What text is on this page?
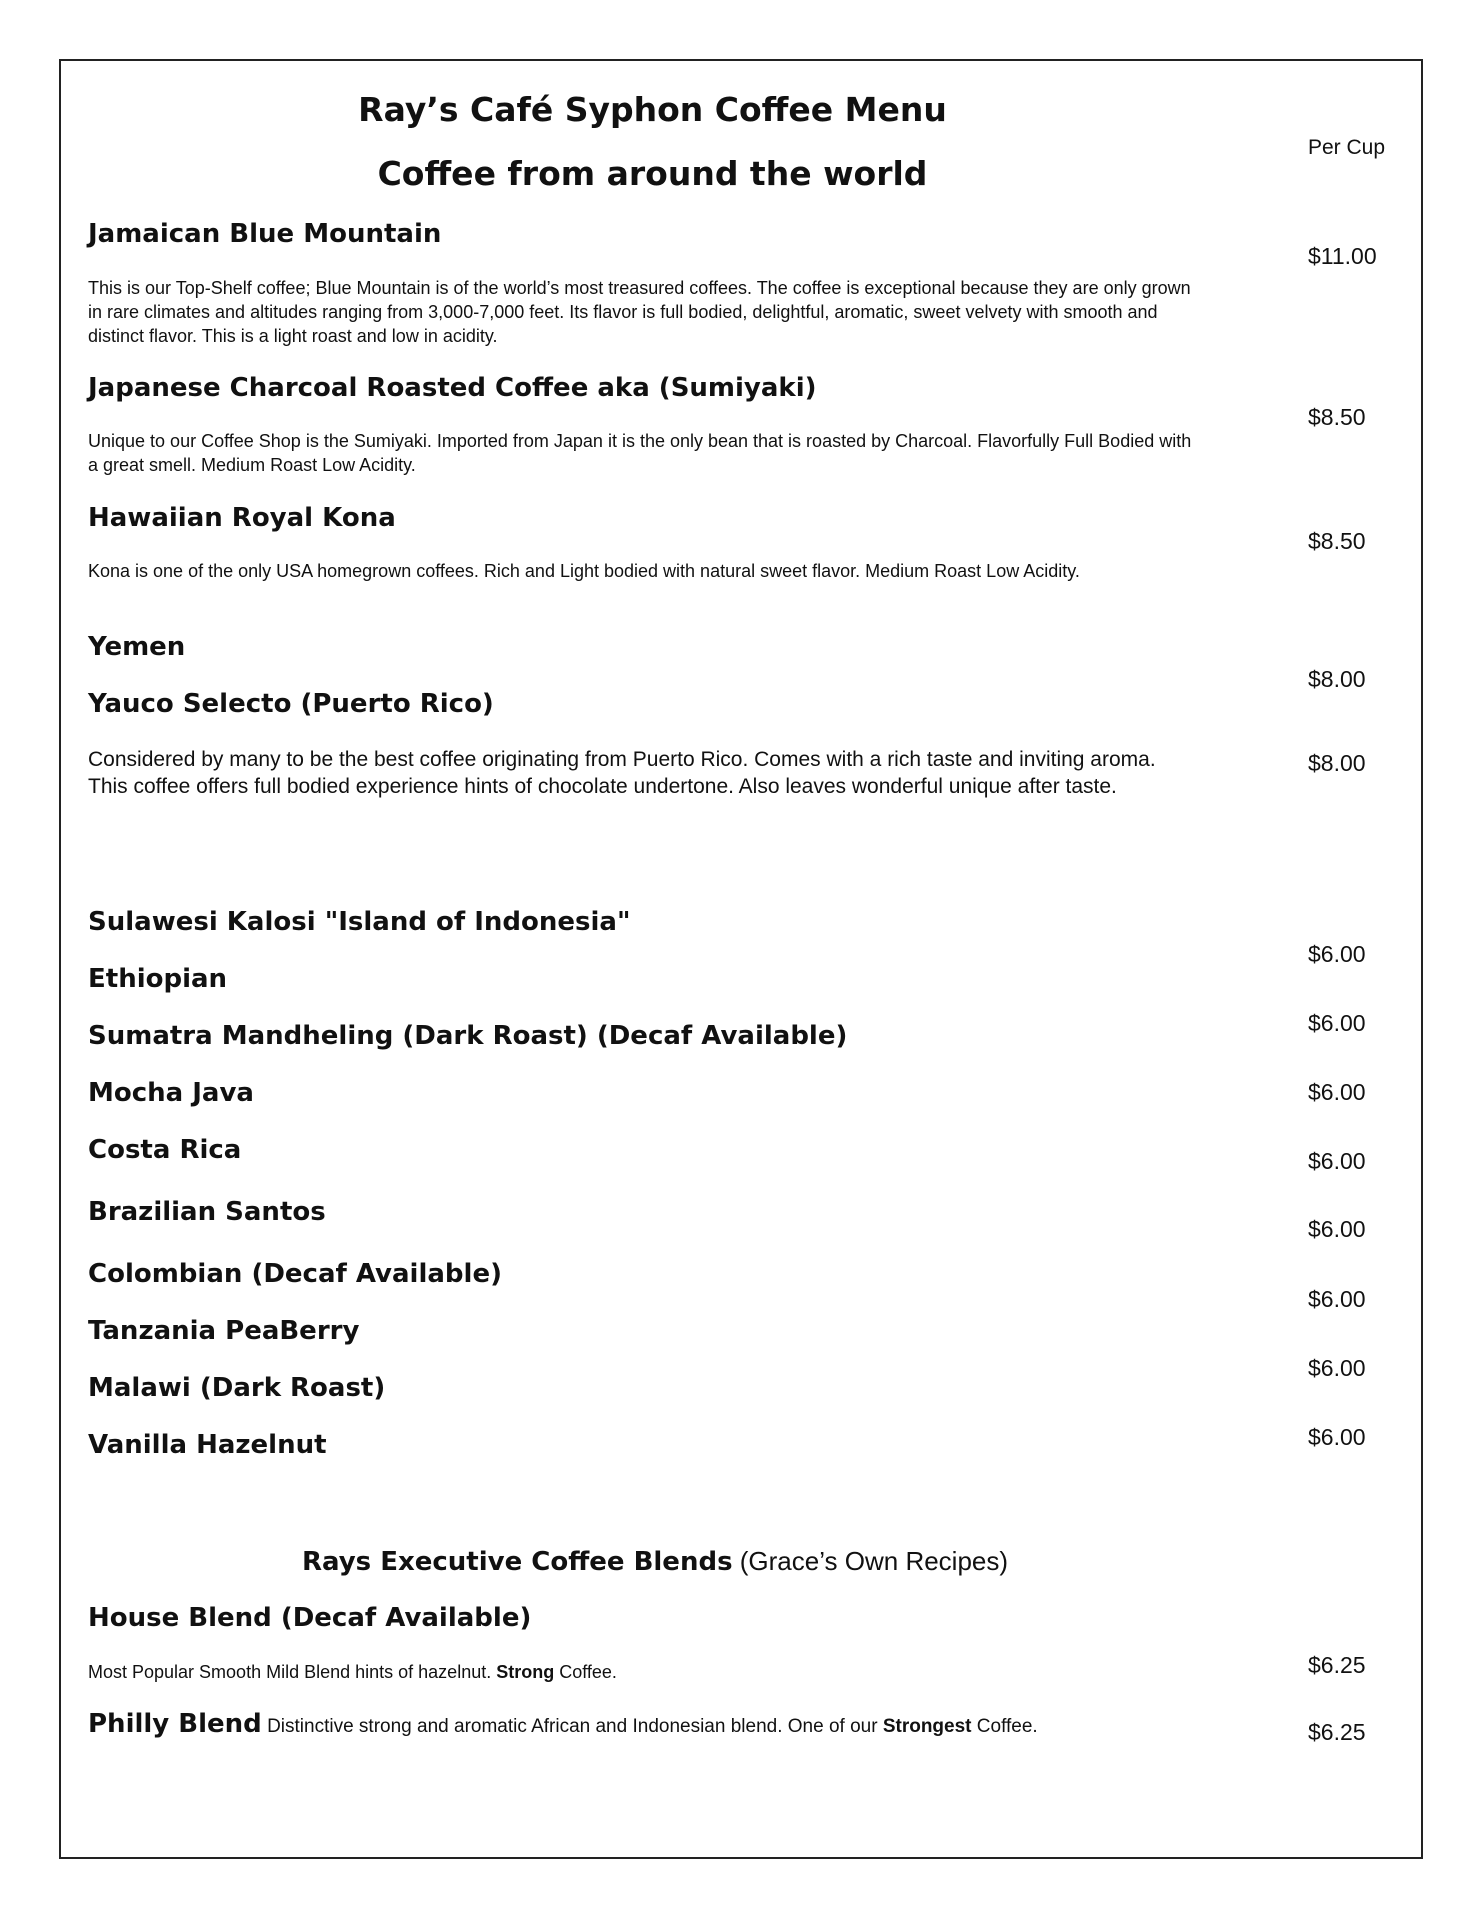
Ray’s Café Syphon Coffee Menu
Per Cup
Coffee from around the world
Jamaican Blue Mountain
$11.00
This is our Top-Shelf coffee; Blue Mountain is of the world’s most treasured coffees. The coffee is exceptional because they are only grown in rare climates and altitudes ranging from 3,000-7,000 feet. Its flavor is full bodied, delightful, aromatic, sweet velvety with smooth and distinct flavor. This is a light roast and low in acidity.
Japanese Charcoal Roasted Coffee aka (Sumiyaki)
$8.50
Unique to our Coffee Shop is the Sumiyaki. Imported from Japan it is the only bean that is roasted by Charcoal. Flavorfully Full Bodied with a great smell. Medium Roast Low Acidity.
Hawaiian Royal Kona
$8.50
Kona is one of the only USA homegrown coffees. Rich and Light bodied with natural sweet flavor. Medium Roast Low Acidity.
Yemen
$8.00
Yauco Selecto (Puerto Rico)
$8.00
Considered by many to be the best coffee originating from Puerto Rico. Comes with a rich taste and inviting aroma. This coffee offers full bodied experience hints of chocolate undertone. Also leaves wonderful unique after taste.
Sulawesi Kalosi "Island of Indonesia"
$6.00
Ethiopian
$6.00
Sumatra Mandheling (Dark Roast) (Decaf Available)
$6.00
Mocha Java
$6.00
Costa Rica
$6.00
Brazilian Santos
$6.00
Colombian (Decaf Available)
$6.00
Tanzania PeaBerry
$6.00
Malawi (Dark Roast)
Vanilla Hazelnut
Rays Executive Coffee Blends (Grace’s Own Recipes)
House Blend (Decaf Available)
$6.25
Most Popular Smooth Mild Blend hints of hazelnut. Strong Coffee.
Philly Blend Distinctive strong and aromatic African and Indonesian blend. One of our Strongest Coffee.	$6.25
